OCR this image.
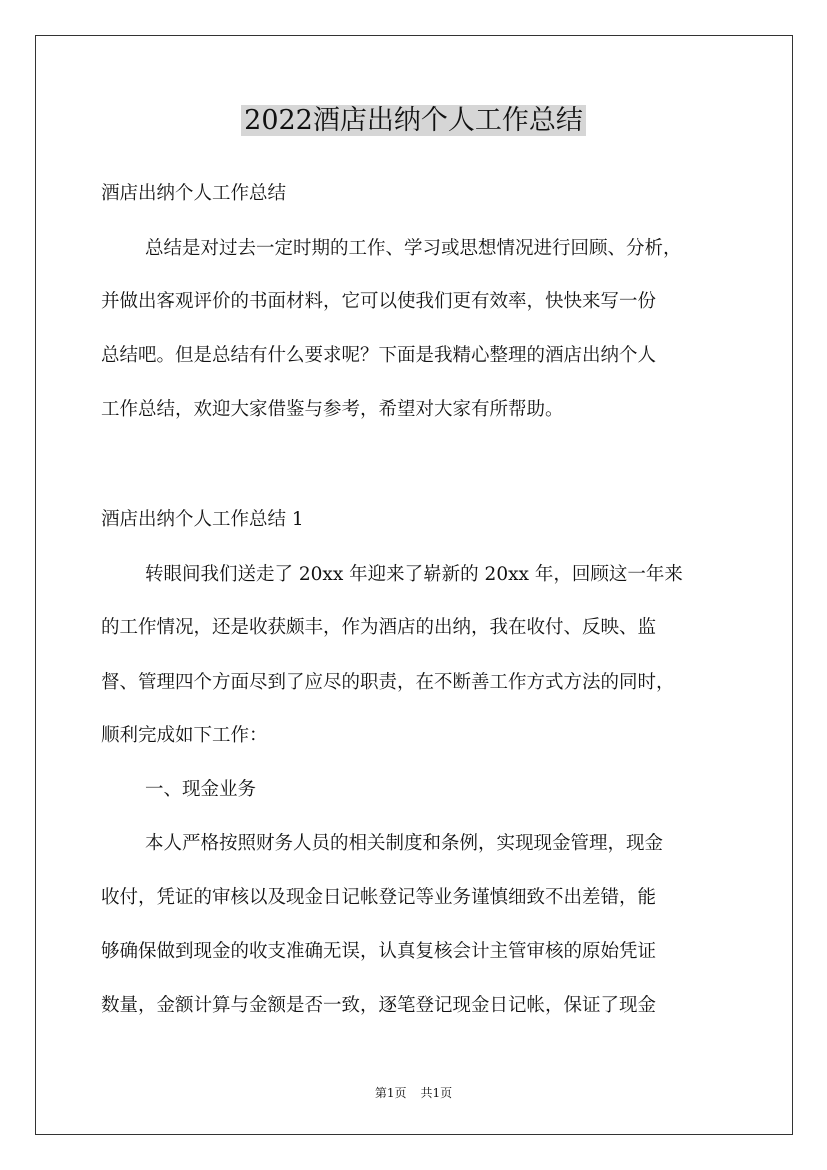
2022酒店出纳个人工作总结

酒店出纳个人工作总结

总结是对过去一定时期的工作、学习或思想情况进行回顾、分析，

并做出客观评价的书面材料，它可以使我们更有效率，快快来写一份

总结吧。但是总结有什么要求呢？下面是我精心整理的酒店出纳个人

工作总结，欢迎大家借鉴与参考，希望对大家有所帮助。

酒店出纳个人工作总结 1

转眼间我们送走了 20xx 年迎来了崭新的 20xx 年，回顾这一年来

的工作情况，还是收获颇丰，作为酒店的出纳，我在收付、反映、监

督、管理四个方面尽到了应尽的职责，在不断善工作方式方法的同时，

顺利完成如下工作：

一、现金业务

本人严格按照财务人员的相关制度和条例，实现现金管理，现金

收付，凭证的审核以及现金日记帐登记等业务谨慎细致不出差错，能

够确保做到现金的收支准确无误，认真复核会计主管审核的原始凭证

数量，金额计算与金额是否一致，逐笔登记现金日记帐，保证了现金

第1页 共1页
